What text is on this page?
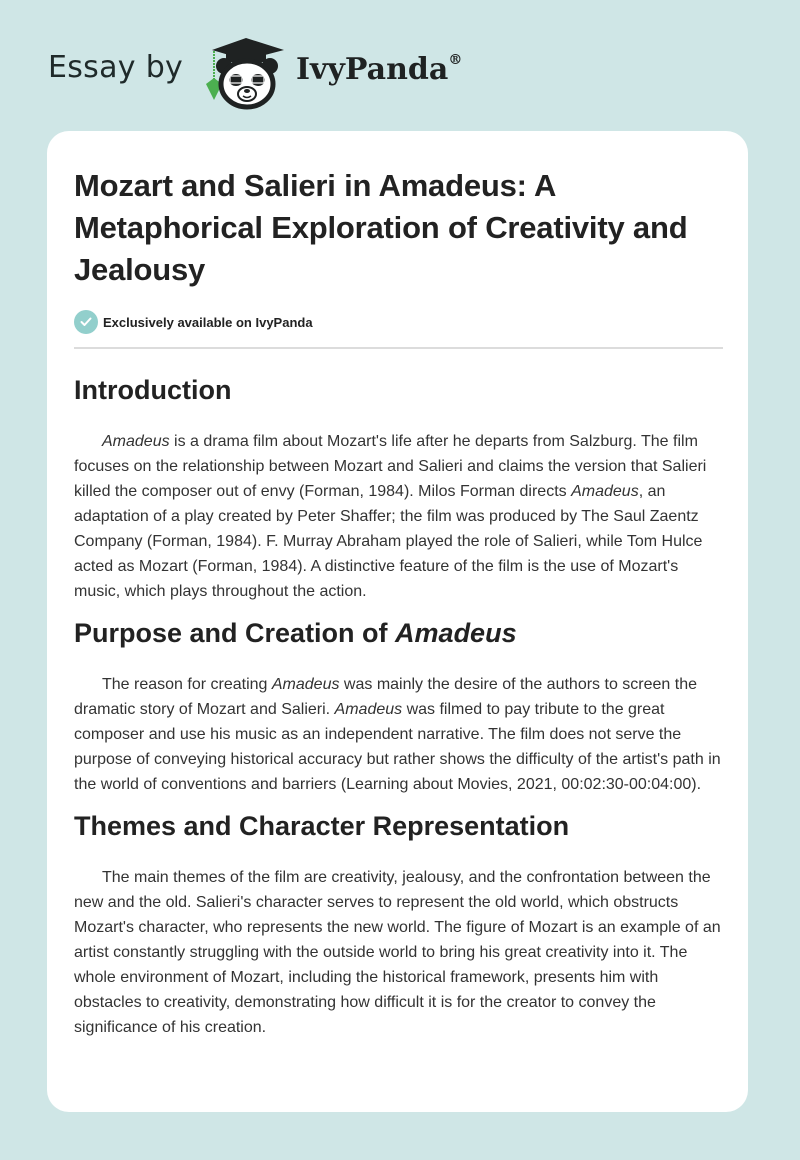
Essay by	IvyPanda®
Mozart and Salieri in Amadeus: A Metaphorical Exploration of Creativity and Jealousy
Exclusively available on IvyPanda
Introduction

Amadeus is a drama film about Mozart's life after he departs from Salzburg. The film focuses on the relationship between Mozart and Salieri and claims the version that Salieri killed the composer out of envy (Forman, 1984). Milos Forman directs Amadeus, an adaptation of a play created by Peter Shaffer; the film was produced by The Saul Zaentz Company (Forman, 1984). F. Murray Abraham played the role of Salieri, while Tom Hulce acted as Mozart (Forman, 1984). A distinctive feature of the film is the use of Mozart's music, which plays throughout the action.

Purpose and Creation of Amadeus

The reason for creating Amadeus was mainly the desire of the authors to screen the dramatic story of Mozart and Salieri. Amadeus was filmed to pay tribute to the great composer and use his music as an independent narrative. The film does not serve the purpose of conveying historical accuracy but rather shows the difficulty of the artist's path in the world of conventions and barriers (Learning about Movies, 2021, 00:02:30-00:04:00).

Themes and Character Representation

The main themes of the film are creativity, jealousy, and the confrontation between the new and the old. Salieri's character serves to represent the old world, which obstructs Mozart's character, who represents the new world. The figure of Mozart is an example of an artist constantly struggling with the outside world to bring his great creativity into it. The whole environment of Mozart, including the historical framework, presents him with obstacles to creativity, demonstrating how difficult it is for the creator to convey the significance of his creation.
